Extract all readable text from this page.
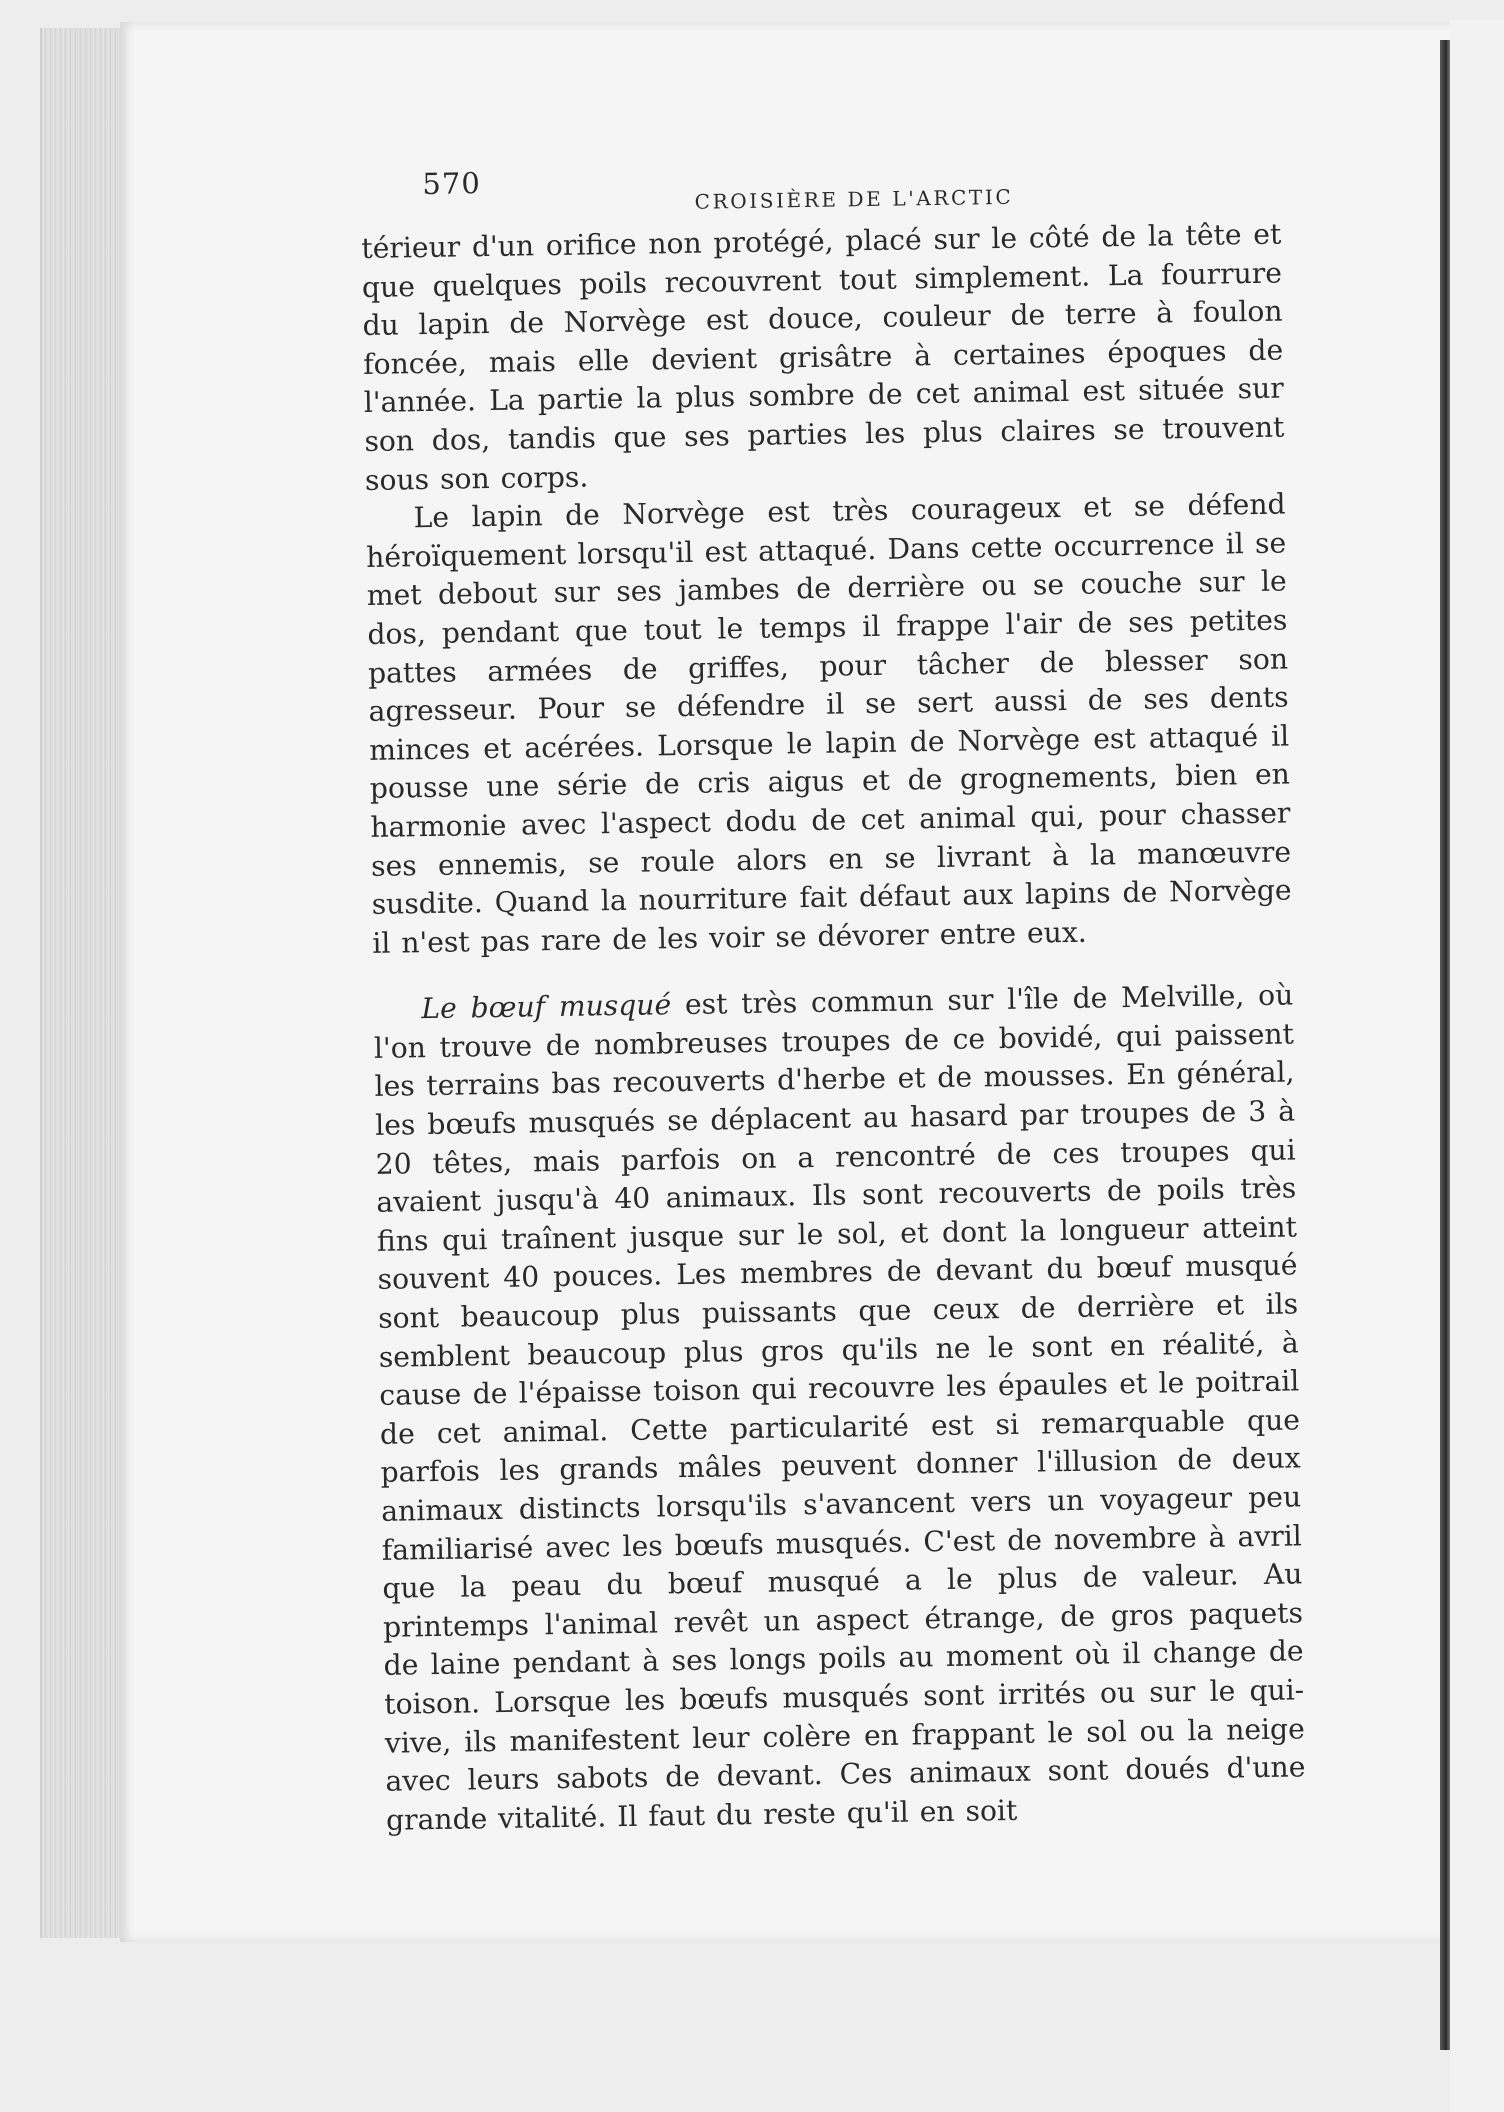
570	CROISIÈRE DE L'ARCTIC

térieur d'un orifice non protégé, placé sur le côté de la tête et que quelques poils recouvrent tout simplement. La fourrure du lapin de Norvège est douce, couleur de terre à foulon foncée, mais elle devient grisâtre à certaines époques de l'année. La partie la plus sombre de cet animal est située sur son dos, tandis que ses parties les plus claires se trouvent sous son corps.

Le lapin de Norvège est très courageux et se défend héroïquement lorsqu'il est attaqué. Dans cette occurrence il se met debout sur ses jambes de derrière ou se couche sur le dos, pendant que tout le temps il frappe l'air de ses petites pattes armées de griffes, pour tâcher de blesser son agresseur. Pour se défendre il se sert aussi de ses dents minces et acérées. Lorsque le lapin de Norvège est attaqué il pousse une série de cris aigus et de grognements, bien en harmonie avec l'aspect dodu de cet animal qui, pour chasser ses ennemis, se roule alors en se livrant à la manœuvre susdite. Quand la nourriture fait défaut aux lapins de Norvège il n'est pas rare de les voir se dévorer entre eux.

Le bœuf musqué est très commun sur l'île de Melville, où l'on trouve de nombreuses troupes de ce bovidé, qui paissent les terrains bas recouverts d'herbe et de mousses. En général, les bœufs musqués se déplacent au hasard par troupes de 3 à 20 têtes, mais parfois on a rencontré de ces troupes qui avaient jusqu'à 40 animaux. Ils sont recouverts de poils très fins qui traînent jusque sur le sol, et dont la longueur atteint souvent 40 pouces. Les membres de devant du bœuf musqué sont beaucoup plus puissants que ceux de derrière et ils semblent beaucoup plus gros qu'ils ne le sont en réalité, à cause de l'épaisse toison qui recouvre les épaules et le poitrail de cet animal. Cette particularité est si remarquable que parfois les grands mâles peuvent donner l'illusion de deux animaux distincts lorsqu'ils s'avancent vers un voyageur peu familiarisé avec les bœufs musqués. C'est de novembre à avril que la peau du bœuf musqué a le plus de valeur. Au printemps l'animal revêt un aspect étrange, de gros paquets de laine pendant à ses longs poils au moment où il change de toison. Lorsque les bœufs musqués sont irrités ou sur le qui-vive, ils manifestent leur colère en frappant le sol ou la neige avec leurs sabots de devant. Ces animaux sont doués d'une grande vitalité. Il faut du reste qu'il en soit
